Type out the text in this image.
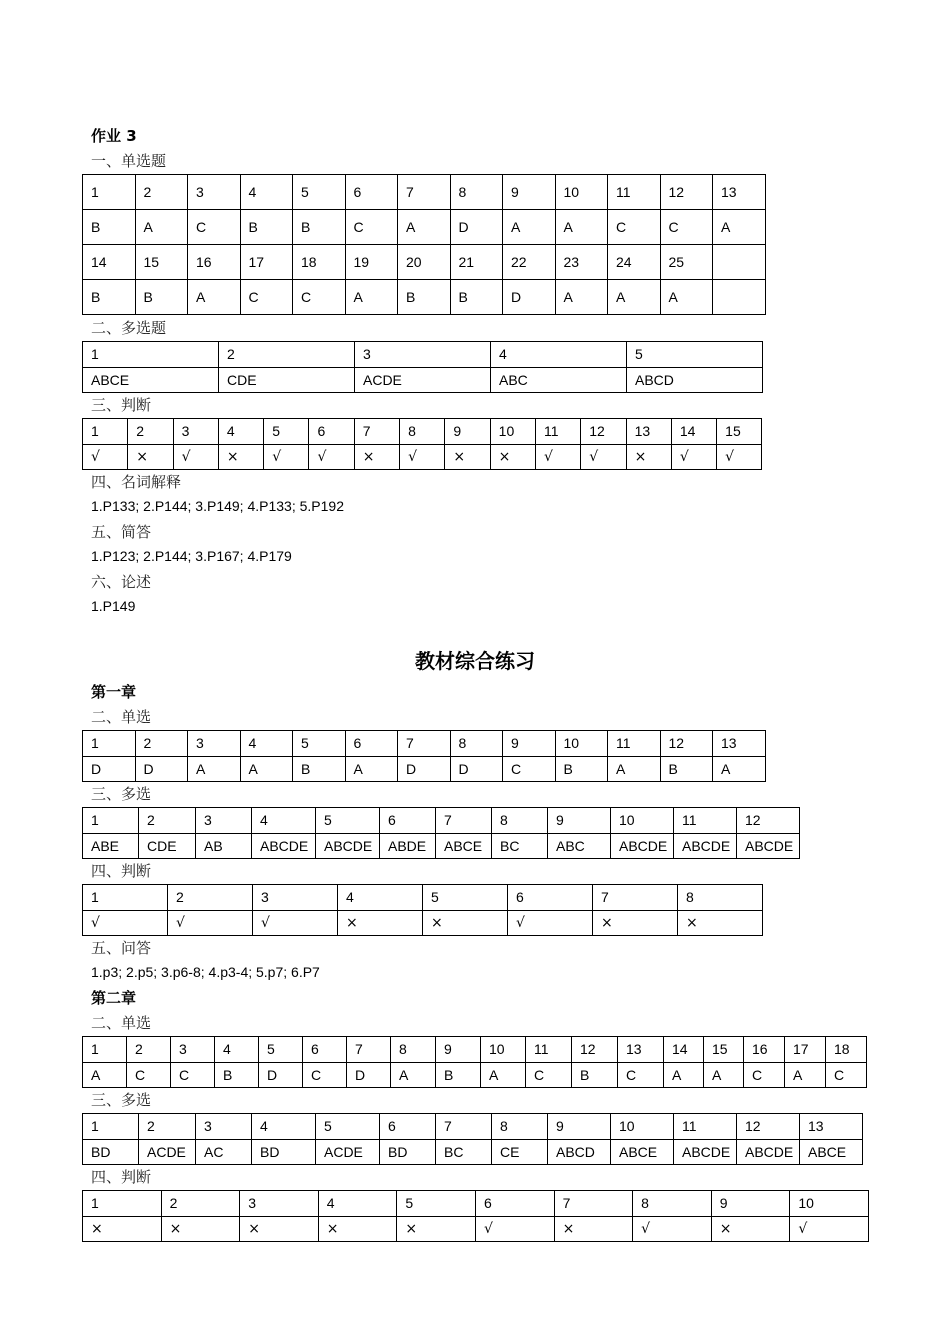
作业 3
一、单选题
1	2	3	4	5	6	7	8	9	10	11	12	13
B	A	C	B	B	C	A	D	A	A	C	C	A
14	15	16	17	18	19	20	21	22	23	24	25	
B	B	A	C	C	A	B	B	D	A	A	A	
二、多选题
1	2	3	4	5
ABCE	CDE	ACDE	ABC	ABCD
三、判断
1	2	3	4	5	6	7	8	9	10	11	12	13	14	15
√	×	√	×	√	√	×	√	×	×	√	√	×	√	√
四、名词解释
1.P133; 2.P144; 3.P149; 4.P133; 5.P192
五、简答
1.P123; 2.P144; 3.P167; 4.P179
六、论述
1.P149
教材综合练习
第一章
二、单选
1	2	3	4	5	6	7	8	9	10	11	12	13
D	D	A	A	B	A	D	D	C	B	A	B	A
三、多选
1	2	3	4	5	6	7	8	9	10	11	12
ABE	CDE	AB	ABCDE	ABCDE	ABDE	ABCE	BC	ABC	ABCDE	ABCDE	ABCDE
四、判断
1	2	3	4	5	6	7	8
√	√	√	×	×	√	×	×
五、问答
1.p3; 2.p5; 3.p6-8; 4.p3-4; 5.p7; 6.P7
第二章
二、单选
1	2	3	4	5	6	7	8	9	10	11	12	13	14	15	16	17	18
A	C	C	B	D	C	D	A	B	A	C	B	C	A	A	C	A	C
三、多选
1	2	3	4	5	6	7	8	9	10	11	12	13
BD	ACDE	AC	BD	ACDE	BD	BC	CE	ABCD	ABCE	ABCDE	ABCDE	ABCE
四、判断
1	2	3	4	5	6	7	8	9	10
×	×	×	×	×	√	×	√	×	√
